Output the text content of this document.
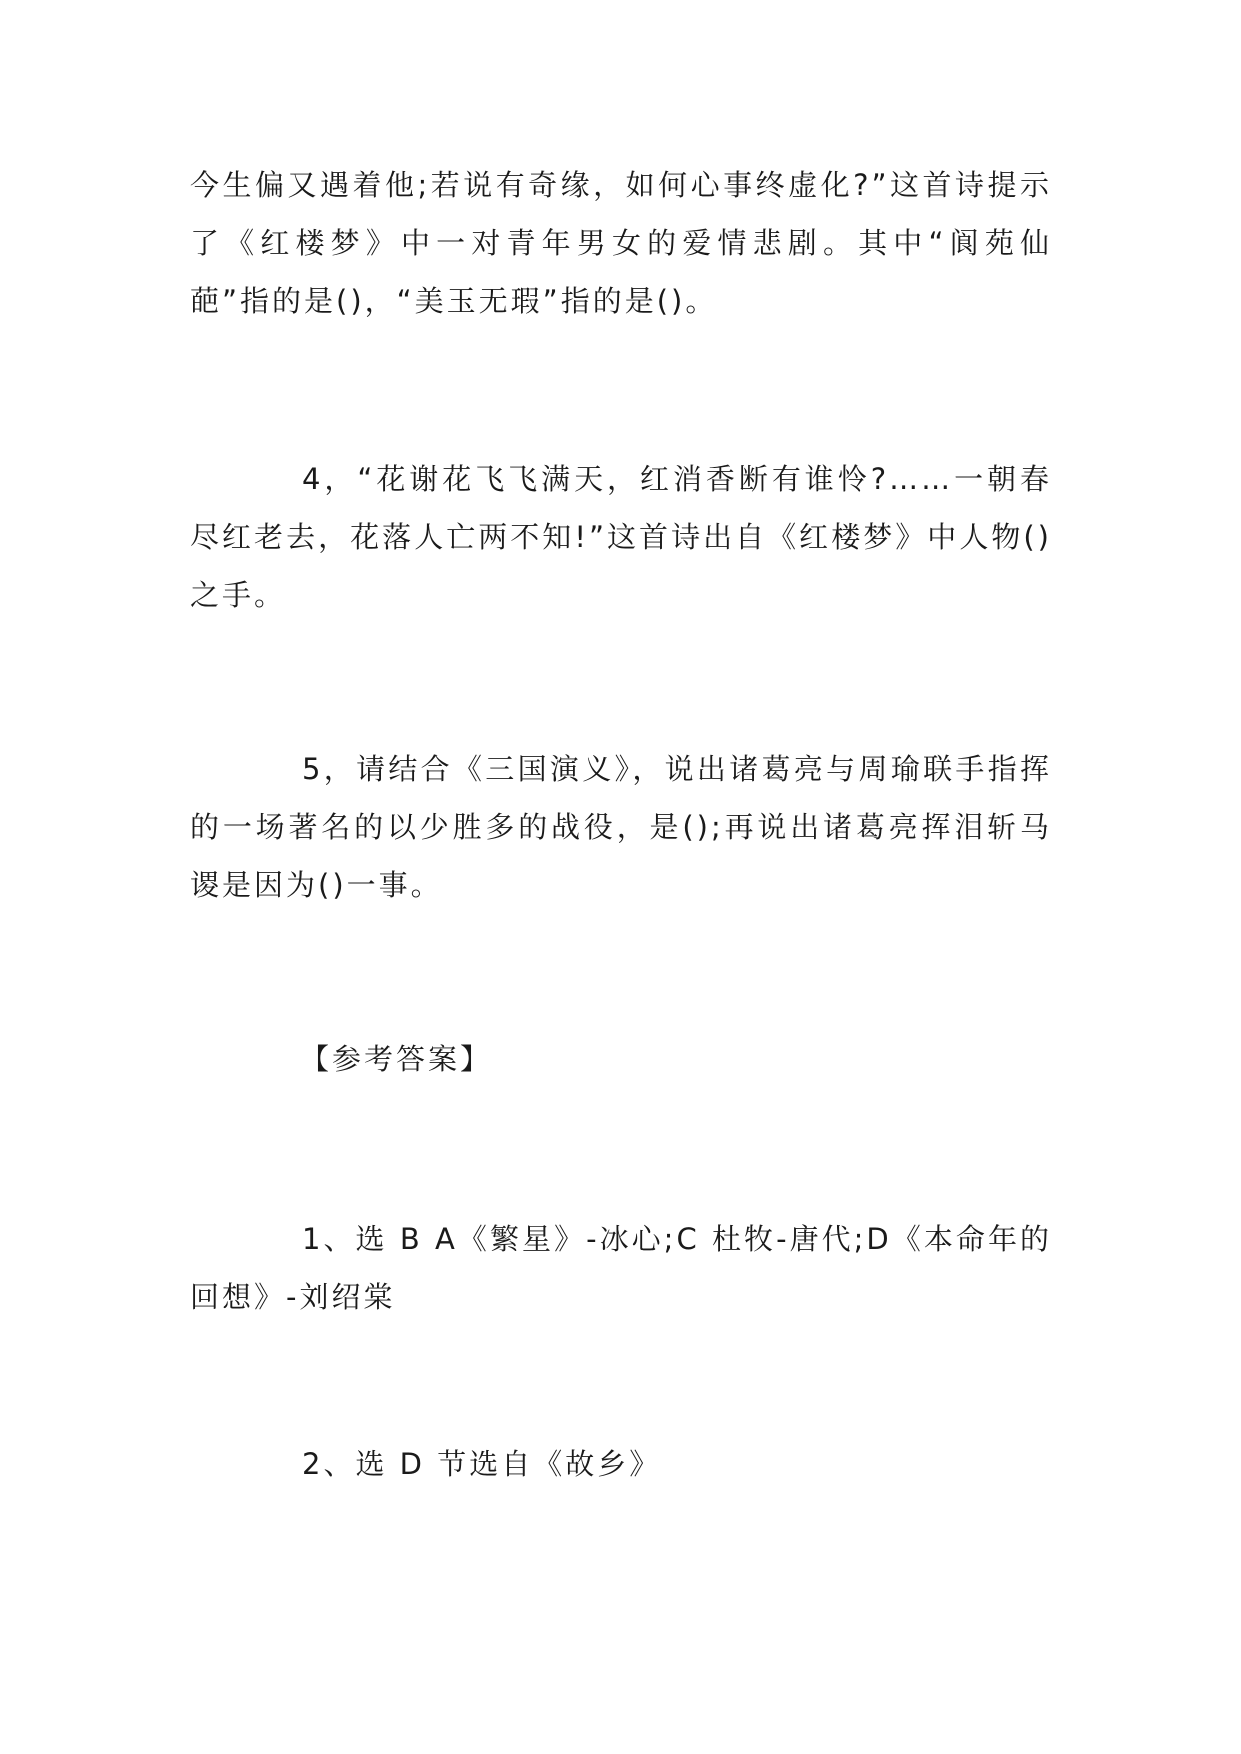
今生偏又遇着他;若说有奇缘，如何心事终虚化?”这首诗提示了《红楼梦》中一对青年男女的爱情悲剧。其中“阆苑仙葩”指的是()，“美玉无瑕”指的是()。

4，“花谢花飞飞满天，红消香断有谁怜?……一朝春尽红老去，花落人亡两不知!”这首诗出自《红楼梦》中人物()之手。

5，请结合《三国演义》，说出诸葛亮与周瑜联手指挥的一场著名的以少胜多的战役，是();再说出诸葛亮挥泪斩马谡是因为()一事。

【参考答案】

1、选 B A《繁星》-冰心;C 杜牧-唐代;D《本命年的回想》-刘绍棠

2、选 D 节选自《故乡》
